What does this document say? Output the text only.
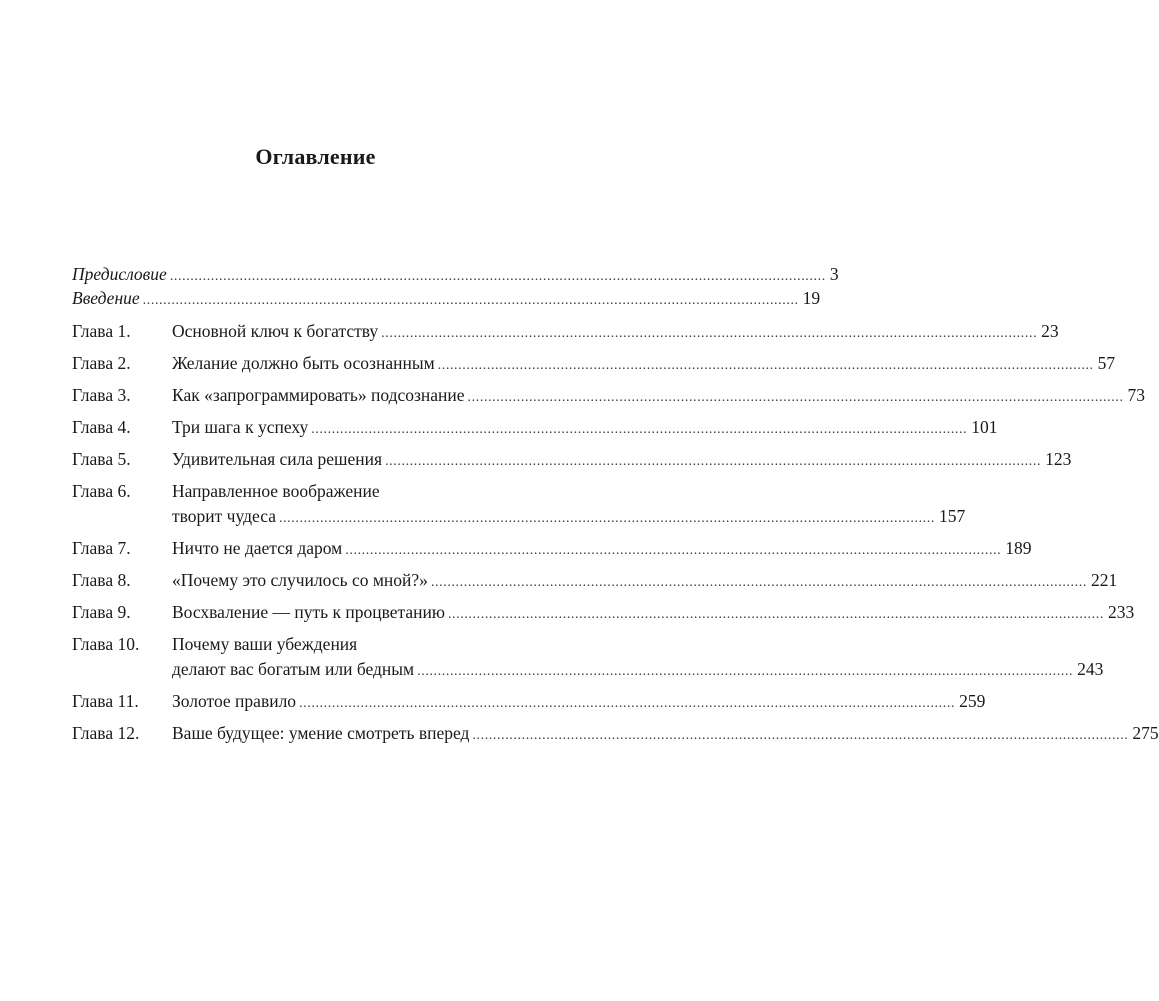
Оглавление
Предисловие ................................................................................................................................................................ 3
Введение ................................................................................................................................................................ 19
Глава 1.	Основной ключ к богатству ................................................................................................................................................................ 23
Глава 2.	Желание должно быть осознанным ................................................................................................................................................................ 57
Глава 3.	Как «запрограммировать» подсознание ................................................................................................................................................................ 73
Глава 4.	Три шага к успеху ................................................................................................................................................................ 101
Глава 5.	Удивительная сила решения ................................................................................................................................................................ 123
Глава 6.	Направленное воображение
творит чудеса ................................................................................................................................................................ 157
Глава 7.	Ничто не дается даром ................................................................................................................................................................ 189
Глава 8.	«Почему это случилось со мной?» ................................................................................................................................................................ 221
Глава 9.	Восхваление — путь к процветанию ................................................................................................................................................................ 233
Глава 10.	Почему ваши убеждения
делают вас богатым или бедным ................................................................................................................................................................ 243
Глава 11.	Золотое правило ................................................................................................................................................................ 259
Глава 12.	Ваше будущее: умение смотреть вперед ................................................................................................................................................................ 275
